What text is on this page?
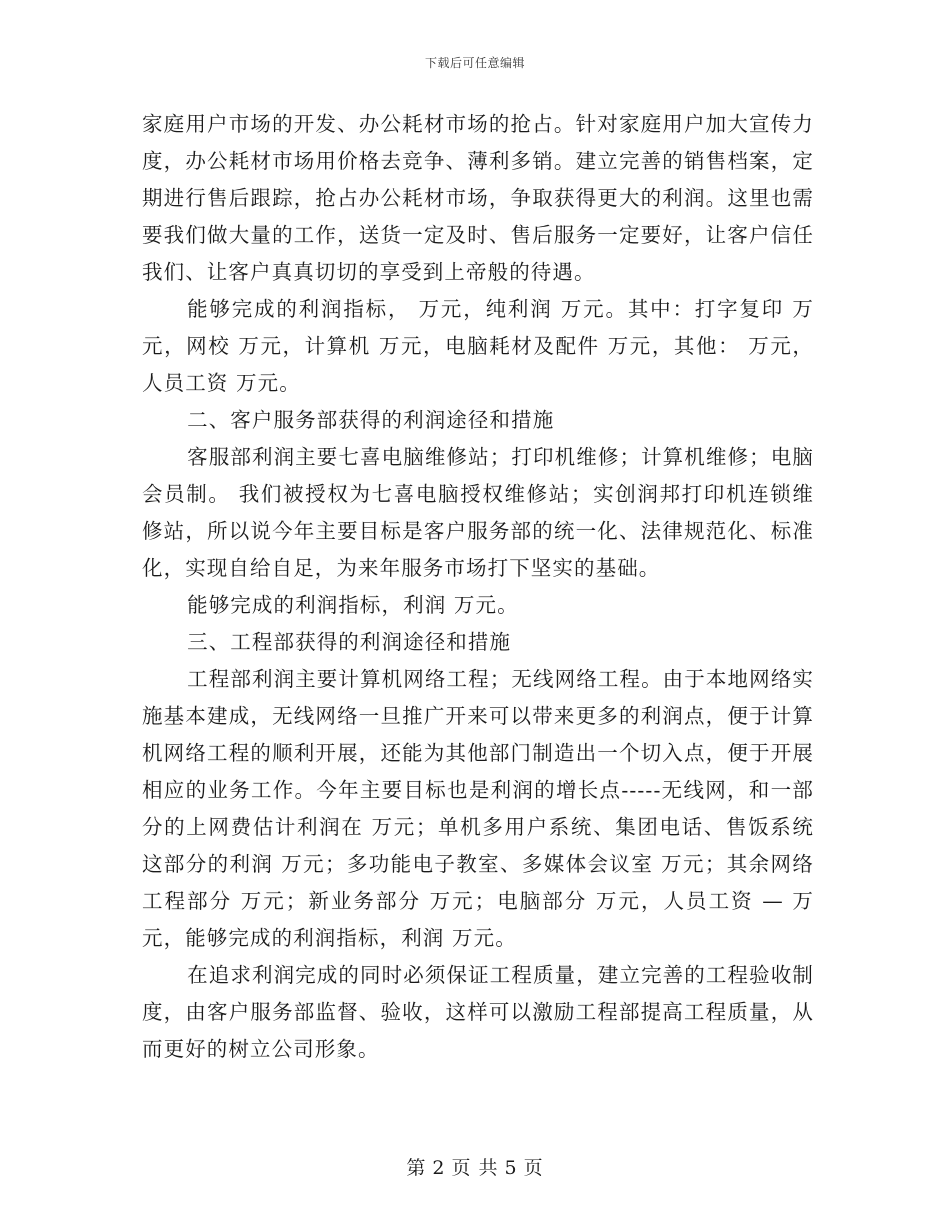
下载后可任意编辑

家庭用户市场的开发、办公耗材市场的抢占。针对家庭用户加大宣传力度，办公耗材市场用价格去竞争、薄利多销。建立完善的销售档案，定期进行售后跟踪，抢占办公耗材市场，争取获得更大的利润。这里也需要我们做大量的工作，送货一定及时、售后服务一定要好，让客户信任我们、让客户真真切切的享受到上帝般的待遇。

能够完成的利润指标， 万元，纯利润 万元。其中：打字复印 万元，网校 万元，计算机 万元，电脑耗材及配件 万元，其他： 万元，人员工资 万元。

二、客户服务部获得的利润途径和措施

客服部利润主要七喜电脑维修站；打印机维修；计算机维修；电脑会员制。 我们被授权为七喜电脑授权维修站；实创润邦打印机连锁维修站，所以说今年主要目标是客户服务部的统一化、法律规范化、标准化，实现自给自足，为来年服务市场打下坚实的基础。

能够完成的利润指标，利润 万元。

三、工程部获得的利润途径和措施

工程部利润主要计算机网络工程；无线网络工程。由于本地网络实施基本建成，无线网络一旦推广开来可以带来更多的利润点，便于计算机网络工程的顺利开展，还能为其他部门制造出一个切入点，便于开展相应的业务工作。今年主要目标也是利润的增长点-----无线网，和一部分的上网费估计利润在 万元；单机多用户系统、集团电话、售饭系统这部分的利润 万元；多功能电子教室、多媒体会议室 万元；其余网络工程部分 万元；新业务部分 万元；电脑部分 万元，人员工资 — 万元，能够完成的利润指标，利润 万元。

在追求利润完成的同时必须保证工程质量，建立完善的工程验收制度，由客户服务部监督、验收，这样可以激励工程部提高工程质量，从而更好的树立公司形象。

第 2 页 共 5 页
